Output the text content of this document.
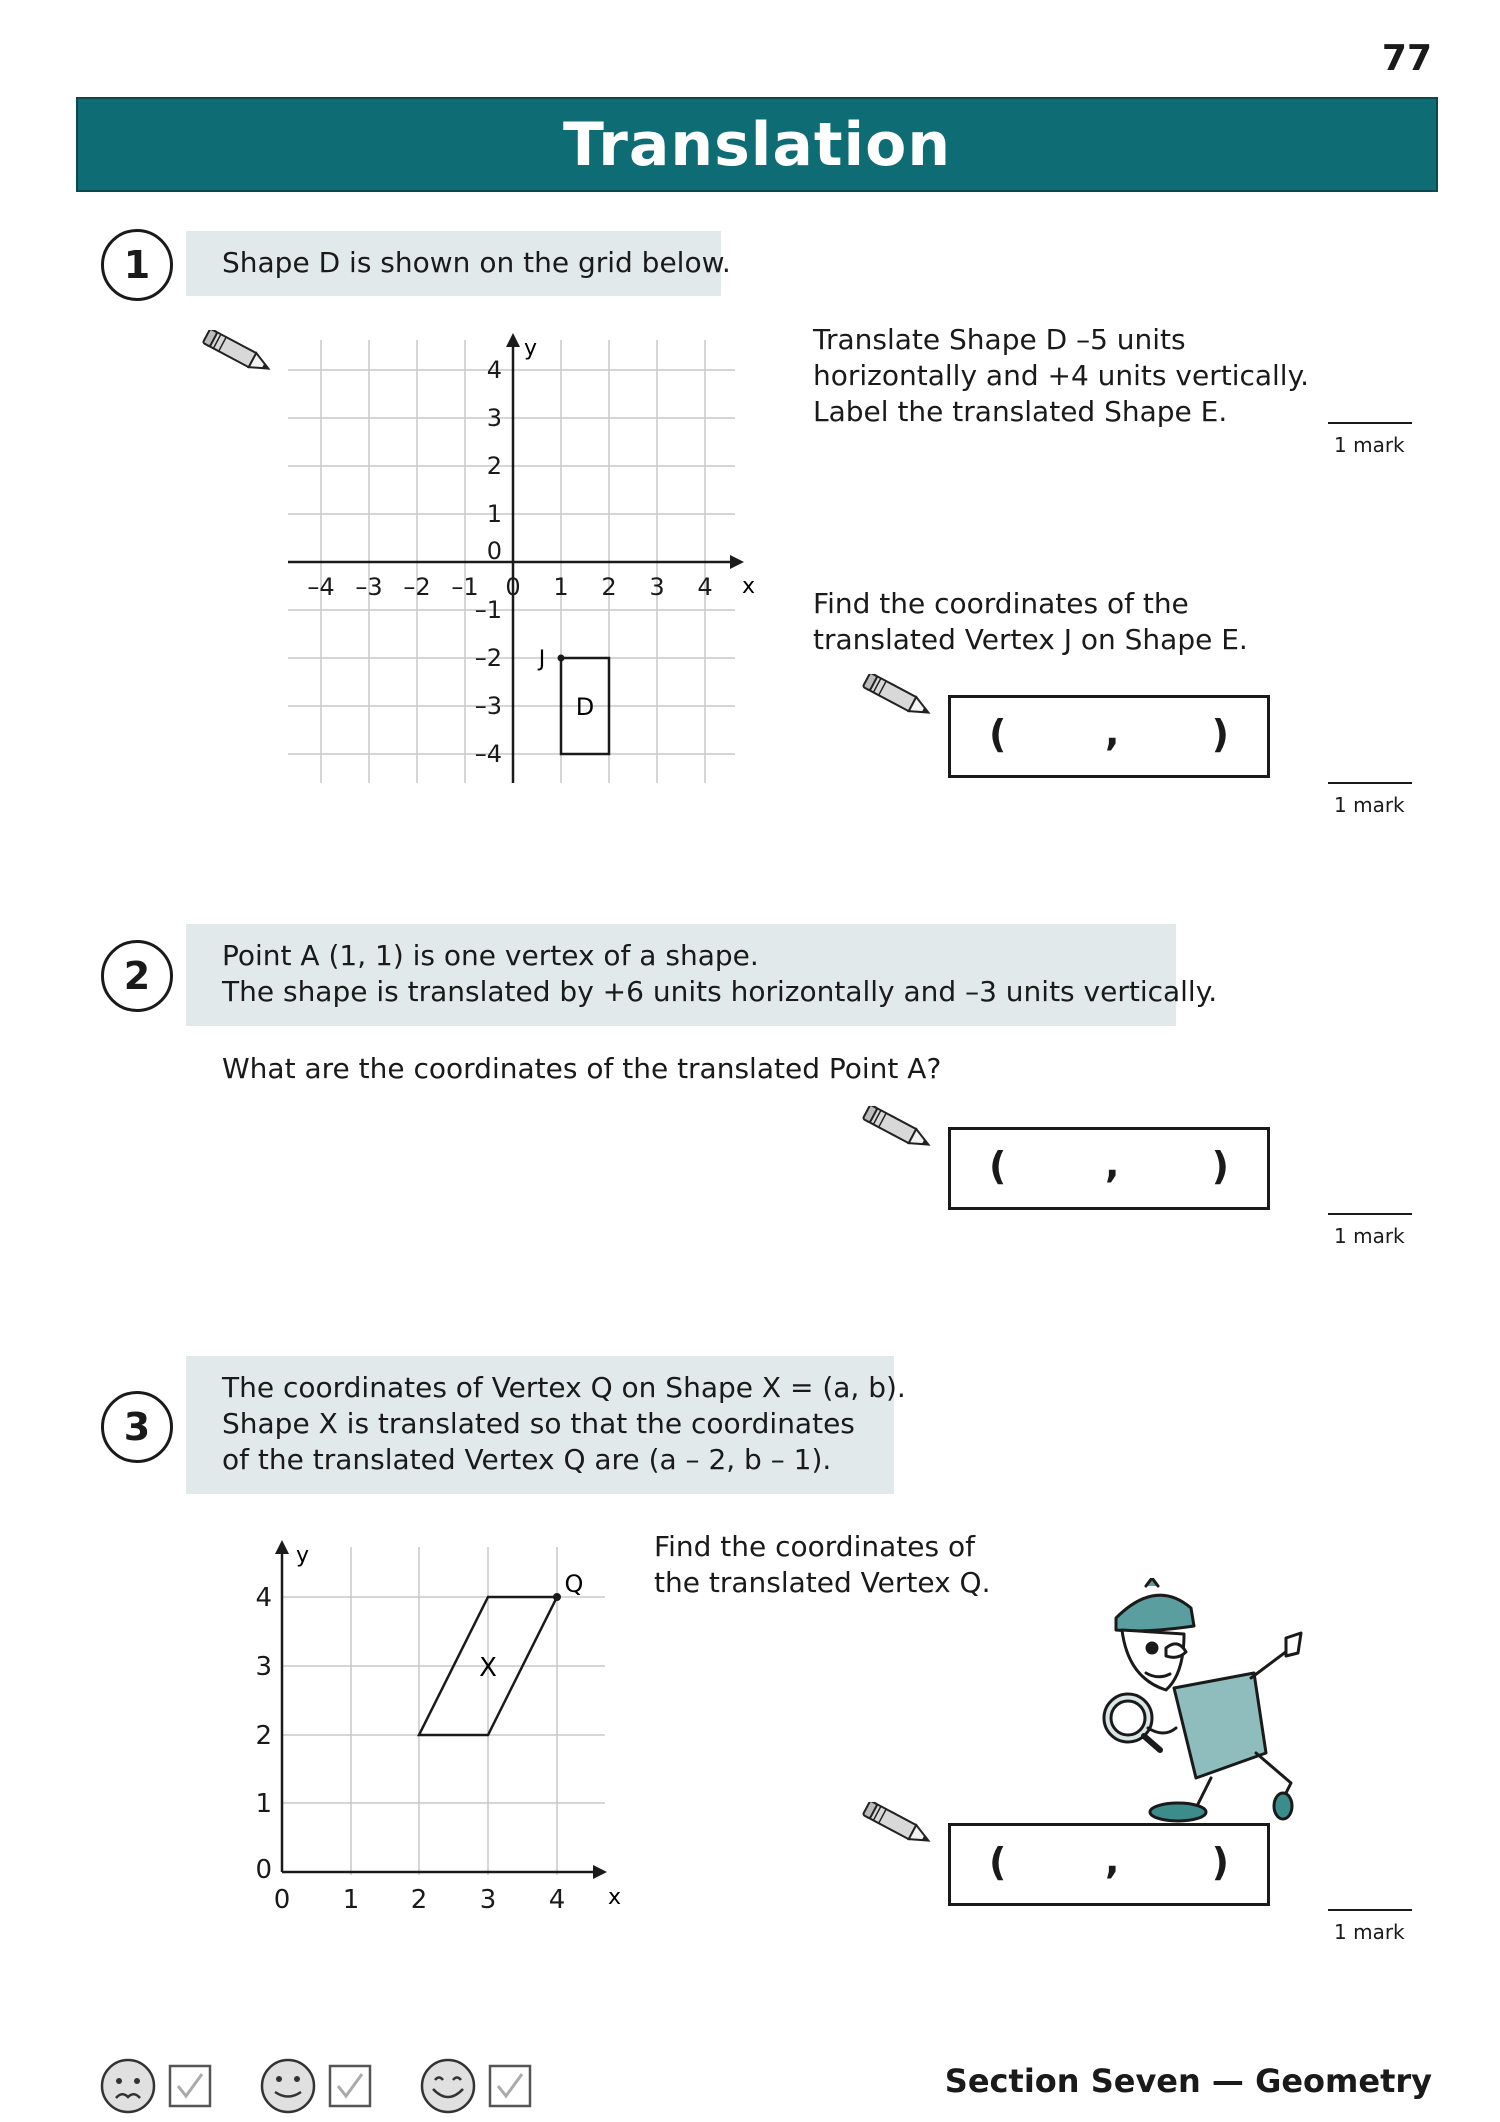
77
Translation
1	Shape D is shown on the grid below.
–4 –3 –2 –1 0 1 2 3 4
4
3
2
1
0
–1
–2
–3
–4
x
y
D
J
Translate Shape D –5 units
horizontally and +4 units vertically.
Label the translated Shape E.
1 mark
Find the coordinates of the
translated Vertex J on Shape E.
(	, )
1 mark
2	Point A (1, 1) is one vertex of a shape.
The shape is translated by +6 units horizontally and –3 units vertically.
What are the coordinates of the translated Point A?
(	, )
1 mark
3
The coordinates of Vertex Q on Shape X = (a, b).
Shape X is translated so that the coordinates
of the translated Vertex Q are (a – 2, b – 1).
0 1 2 3 4
4
3
2
1
0
x
y
X
Q
Find the coordinates of
the translated Vertex Q.
(	, )
1 mark
Section Seven — Geometry
